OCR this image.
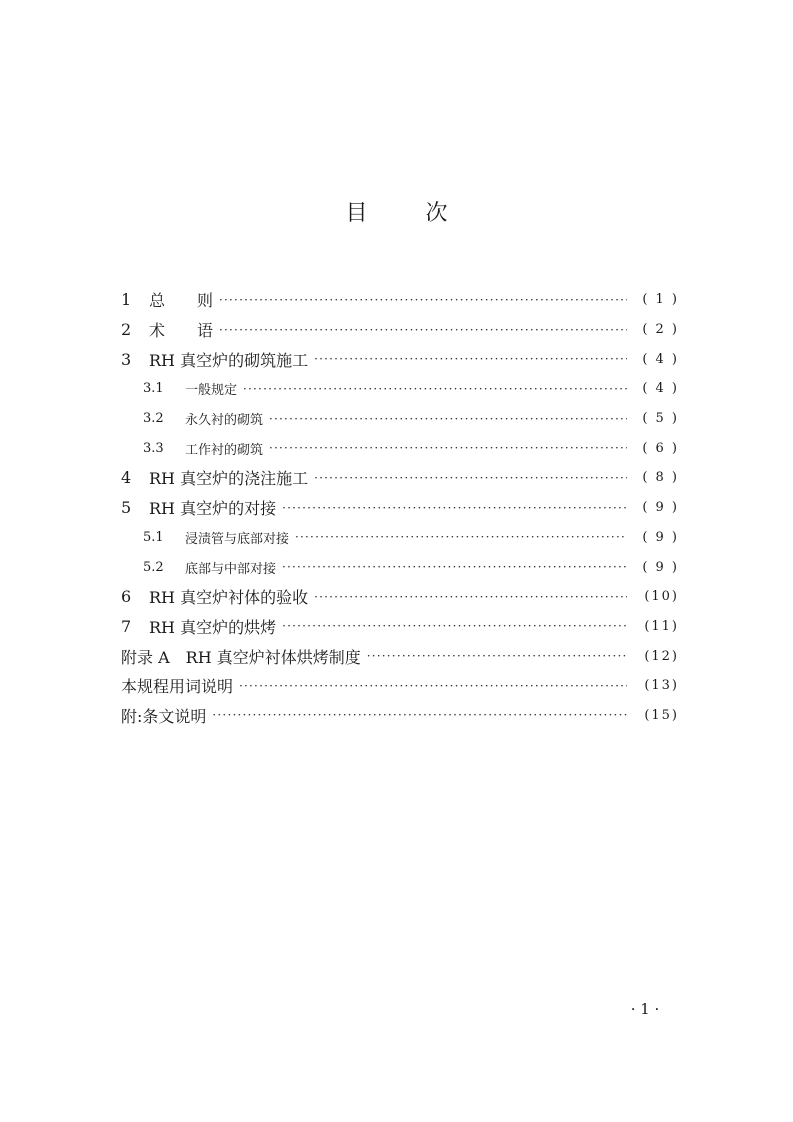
目	次
1	总　　则 ·····	( 1 )
2	术　　语 ·····	( 2 )
3	RH 真空炉的砌筑施工 ·····	( 4 )
3.1	一般规定 ·····	( 4 )
3.2	永久衬的砌筑 ·····	( 5 )
3.3	工作衬的砌筑 ·····	( 6 )
4	RH 真空炉的浇注施工 ·····	( 8 )
5	RH 真空炉的对接 ·····	( 9 )
5.1	浸渍管与底部对接 ·····	( 9 )
5.2	底部与中部对接 ·····	( 9 )
6	RH 真空炉衬体的验收 ·····	(10)
7	RH 真空炉的烘烤 ·····	(11)
附录 A　RH 真空炉衬体烘烤制度 ·····	(12)
本规程用词说明 ·····	(13)
附:条文说明 ·····	(15)
· 1 ·
